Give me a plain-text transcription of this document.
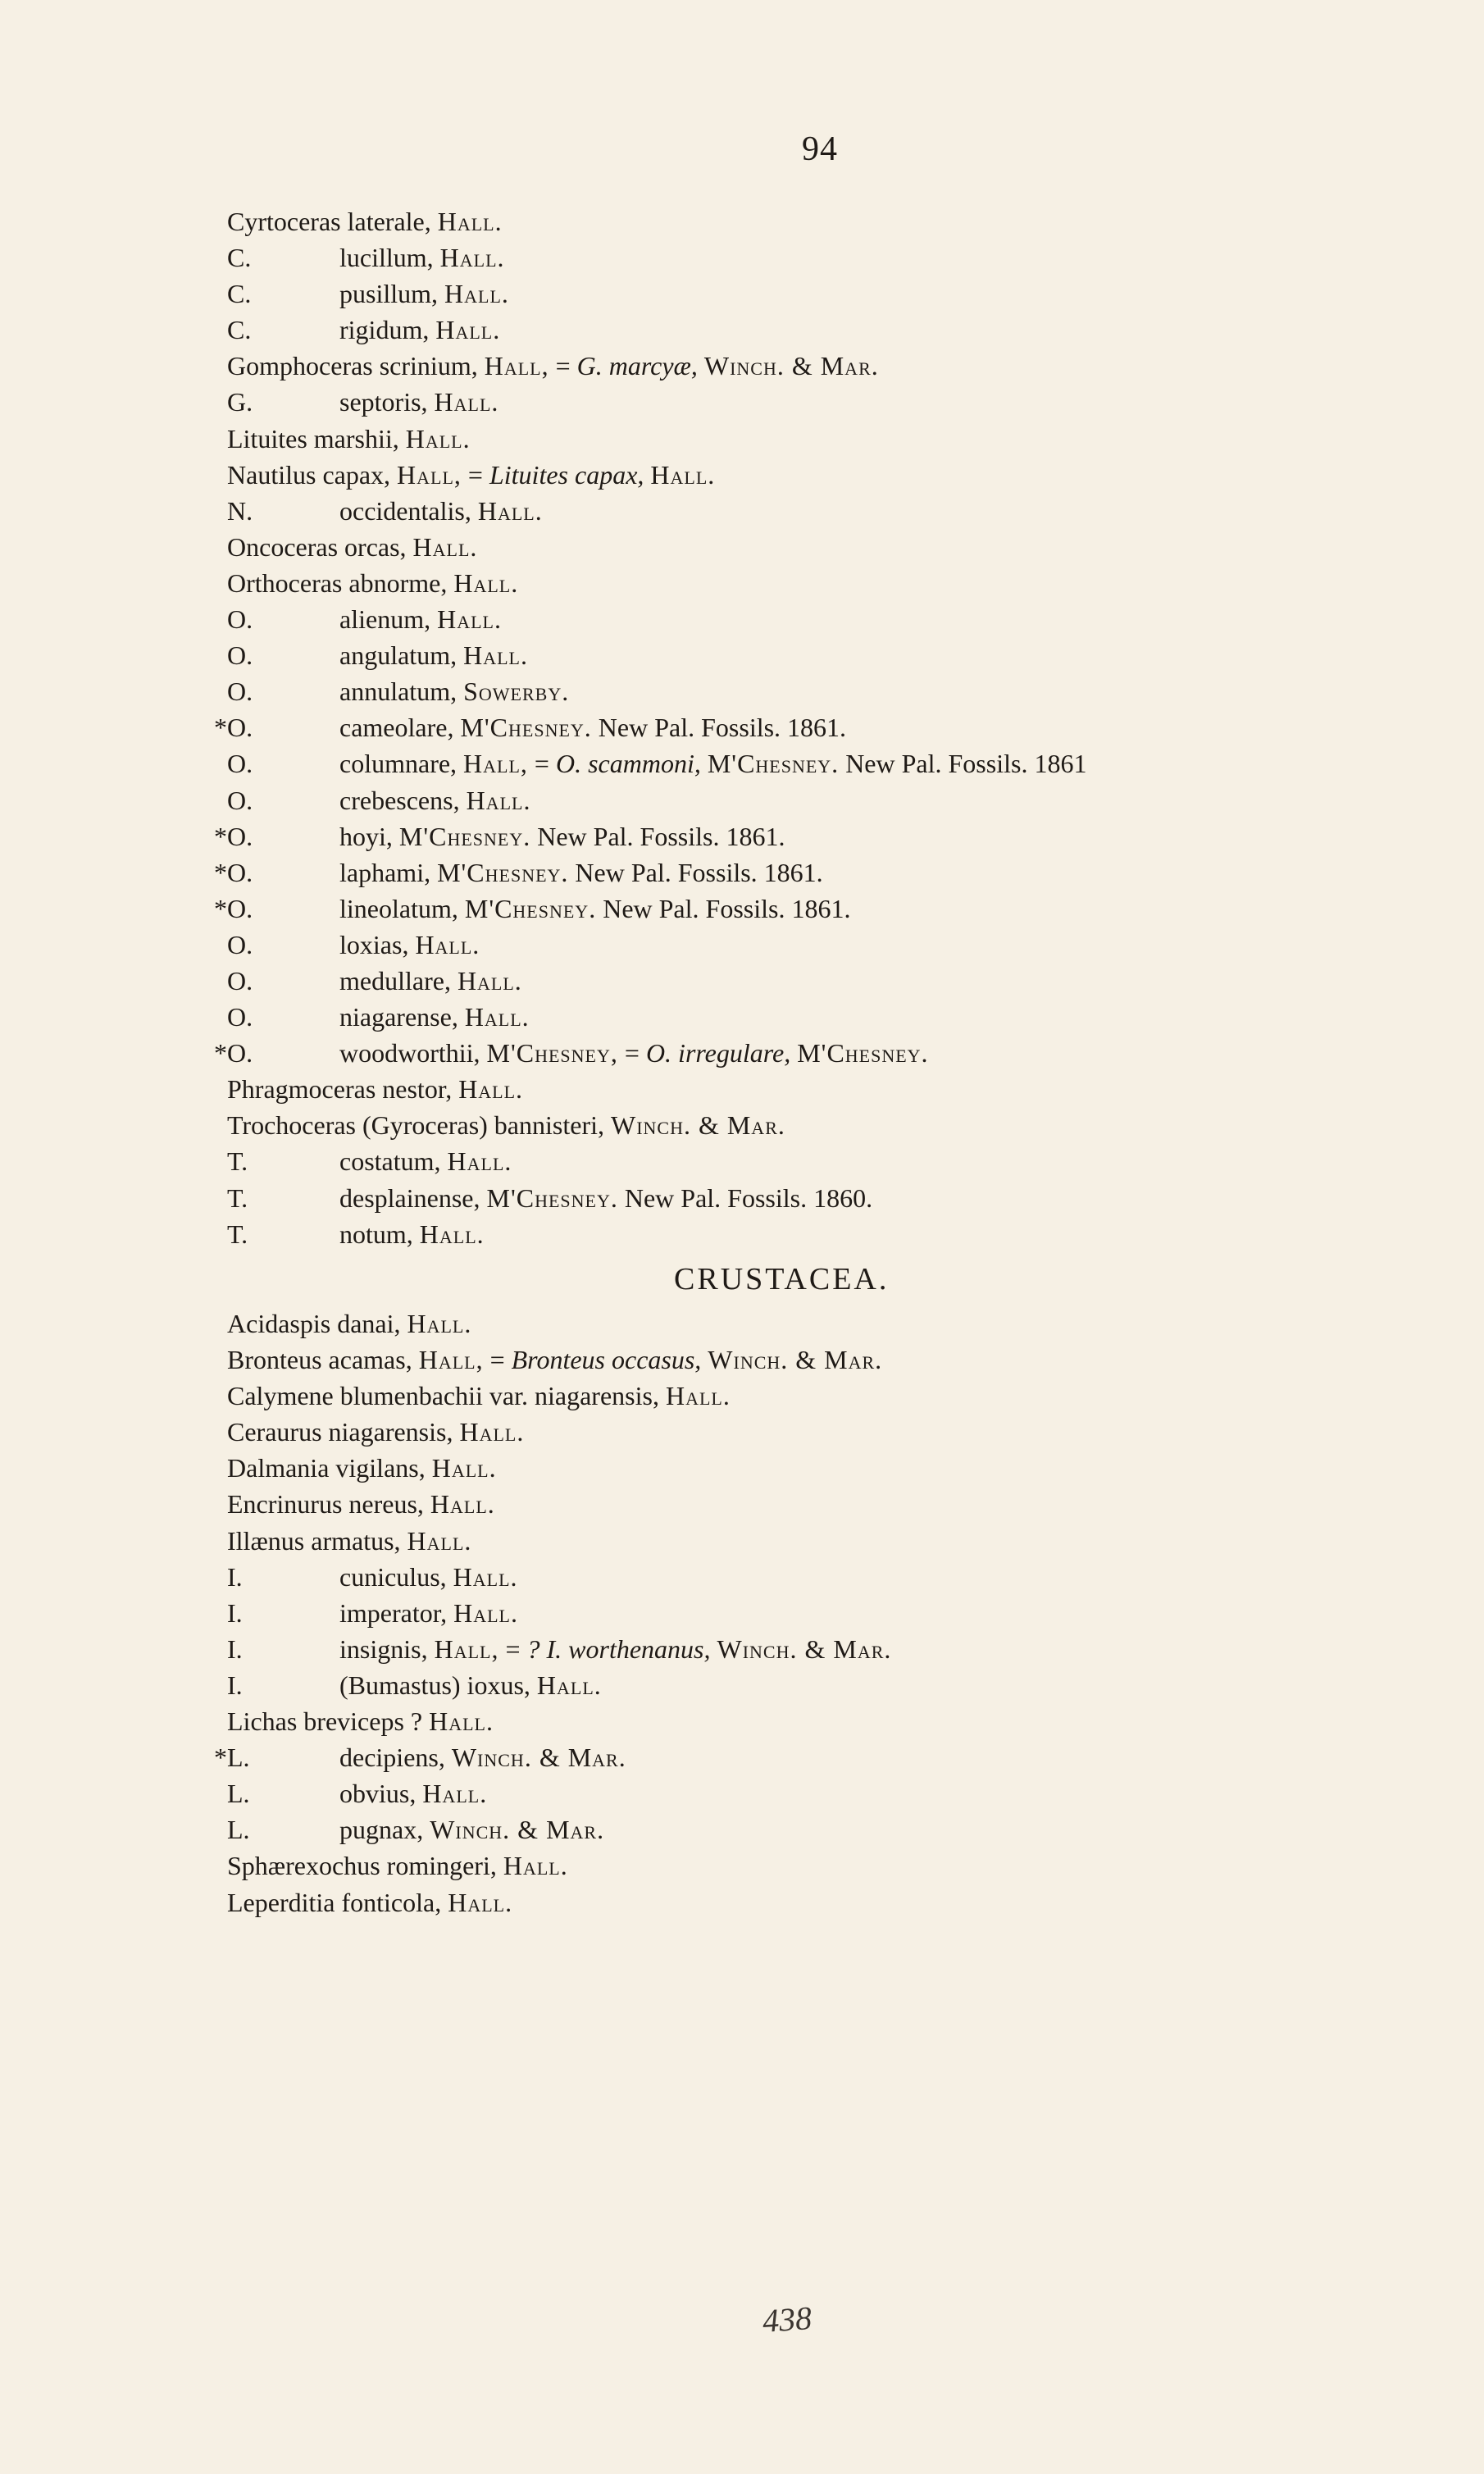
94
Cyrtoceras laterale, Hall.
C.	lucillum, Hall.
C.	pusillum, Hall.
C.	rigidum, Hall.
Gomphoceras scrinium, Hall, = G. marcyæ, Winch. & Mar.
G.	septoris, Hall.
Lituites marshii, Hall.
Nautilus capax, Hall, = Lituites capax, Hall.
N.	occidentalis, Hall.
Oncoceras orcas, Hall.
Orthoceras abnorme, Hall.
O.	alienum, Hall.
O.	angulatum, Hall.
O.	annulatum, Sowerby.
*O.	cameolare, M'Chesney. New Pal. Fossils. 1861.
O.	columnare, Hall, = O. scammoni, M'Chesney. New Pal. Fossils. 1861
O.	crebescens, Hall.
*O.	hoyi, M'Chesney. New Pal. Fossils. 1861.
*O.	laphami, M'Chesney. New Pal. Fossils. 1861.
*O.	lineolatum, M'Chesney. New Pal. Fossils. 1861.
O.	loxias, Hall.
O.	medullare, Hall.
O.	niagarense, Hall.
*O.	woodworthii, M'Chesney, = O. irregulare, M'Chesney.
Phragmoceras nestor, Hall.
Trochoceras (Gyroceras) bannisteri, Winch. & Mar.
T.	costatum, Hall.
T.	desplainense, M'Chesney. New Pal. Fossils. 1860.
T.	notum, Hall.
CRUSTACEA.
Acidaspis danai, Hall.
Bronteus acamas, Hall, = Bronteus occasus, Winch. & Mar.
Calymene blumenbachii var. niagarensis, Hall.
Ceraurus niagarensis, Hall.
Dalmania vigilans, Hall.
Encrinurus nereus, Hall.
Illænus armatus, Hall.
I.	cuniculus, Hall.
I.	imperator, Hall.
I.	insignis, Hall, = ? I. worthenanus, Winch. & Mar.
I.	(Bumastus) ioxus, Hall.
Lichas breviceps ? Hall.
*L.	decipiens, Winch. & Mar.
L.	obvius, Hall.
L.	pugnax, Winch. & Mar.
Sphærexochus romingeri, Hall.
Leperditia fonticola, Hall.
438
